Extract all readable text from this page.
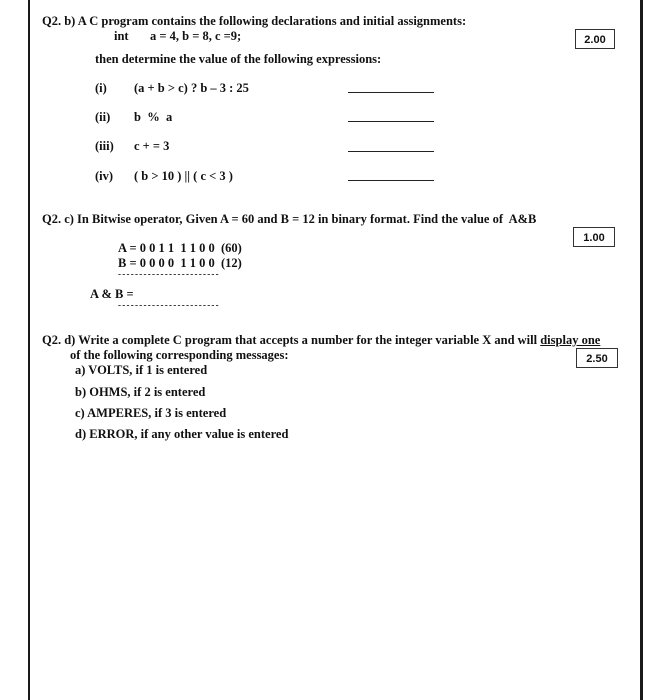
Q2. b) A C program contains the following declarations and initial assignments:
int a = 4, b = 8, c =9;	2.00
then determine the value of the following expressions:
(i) (a + b > c) ? b – 3 : 25
(ii) b  %  a
(iii) c + = 3
(iv) ( b > 10 ) || ( c < 3 )
Q2. c) In Bitwise operator, Given A = 60 and B = 12 in binary format. Find the value of  A&B
1.00
A = 0 0 1 1  1 1 0 0  (60)
B = 0 0 0 0  1 1 0 0  (12)
- - - - - - - - - - - - - - - - - - - - - - - -
A & B =
- - - - - - - - - - - - - - - - - - - - - - - -
Q2. d) Write a complete C program that accepts a number for the integer variable X and will display one
of the following corresponding messages:	2.50
a) VOLTS, if 1 is entered
b) OHMS, if 2 is entered
c) AMPERES, if 3 is entered
d) ERROR, if any other value is entered
